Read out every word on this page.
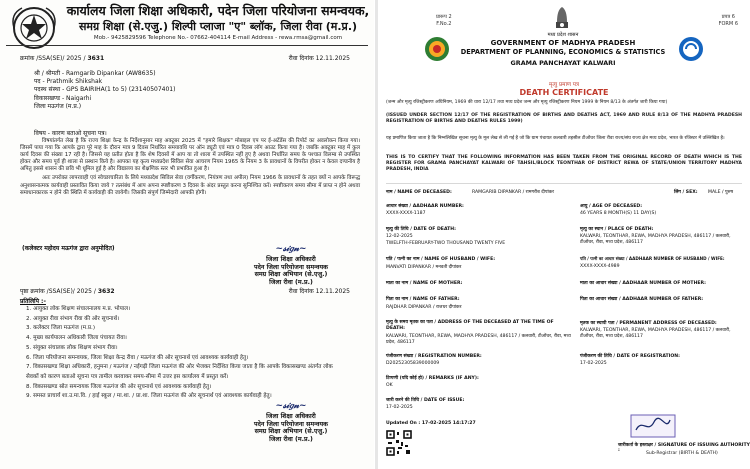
कार्यालय जिला शिक्षा अधिकारी, पदेन जिला परियोजना समन्वयक,
समग्र शिक्षा (से.एजु.) शिल्पी प्लाजा "ए" ब्लॉक, जिला रीवा (म.प्र.)
Mob.- 9425829596 Telephone No.- 07662-404114 E-mail Address - rewa.rmsa@gmail.com
क्रमांक /SSA(SE)/ 2025 / 3631	रीवा दिनांक 12.11.2025
श्री / श्रीमती - Ramgarib Dipankar (AW8635)
पद - Prathmik Shikshak
पदस्थ संस्था - GPS BAIRIHA(1 to 5) (23140507401)
विकासखण्ड - Naigarhi
जिला मऊगंज (म.प्र.)
विषय - कारण बताओ सूचना पत्र।

विषयांतर्गत लेख है कि राज्य शिक्षा केन्द्र के निर्देशानुसार माह अक्टूबर 2025 में "हमारे शिक्षक" मोबाइल एप पर ई-अटेंडेंस की रिपोर्ट का अवलोकन किया गया। जिसमें पाया गया कि आपके द्वारा पूरे माह के दौरान मात्र 9 दिवस निर्धारित समयावधि पर ऑन ड्यूटी एवं मात्र 0 दिवस लॉग आउट किया गया है। जबकि अक्टूबर माह में कुल कार्य दिवस की संख्या 17 रही है। जिससे यह प्रतीत होता है कि शेष दिवसों में आप या तो शाला में उपस्थित नहीं हुए है अथवा निर्धारित समय के पश्चात विलम्ब से उपस्थित होकर और समय पूर्व ही शाला से प्रस्थान किये है। आपका यह कृत्य मध्यप्रदेश सिविल सेवा आचरण नियम 1965 के नियम 3 के प्रावधानों के विपरीत होकर न केवल दण्डनीय है अपितु इससे शासन की छवि भी धूमिल हुई है और विद्यालय का शैक्षणिक स्तर भी प्रभावित हुआ है।

अतः उपरोक्त लापरवाही एवं स्वेच्छाचारिता के लिये मध्यप्रदेश सिविल सेवा (वर्गीकरण, नियंत्रण तथा अपील) नियम 1966 के प्रावधानों के तहत क्यों न आपके विरूद्ध अनुशासनात्मक कार्यवाही प्रस्तावित किया जाये ? तत्संबंध में आप अपना स्पष्टीकरण 3 दिवस के अंदर प्रस्तुत करना सुनिश्चित करें। स्पष्टीकरण समय सीमा में प्राप्त न होने अथवा समाधानकारक न होने की स्थिति में कार्यवाही की जायेगी। जिसकी संपूर्ण जिम्मेदारी आपकी होगी।

(कलेक्टर महोदय मऊगंज द्वारा अनुमोदित)	~𝓈𝒾𝑔𝓃~
जिला शिक्षा अधिकारी
पदेन जिला परियोजना समन्वयक
समग्र शिक्षा अभियान (से.एजु.)
जिला रीवा (म.प्र.)
पृष्ठा क्रमांक /SSA(SE)/ 2025 / 3632	रीवा दिनांक 12.11.2025
प्रतिलिपि :-
1. आयुक्त लोक शिक्षण संचालनालय म.प्र. भोपाल।
2. आयुक्त रीवा संभाग रीवा की ओर सूचनार्थ।
3. कलेक्टर जिला मऊगंज (म.प्र.)
4. मुख्य कार्यपालन अधिकारी जिला पंचायत रीवा।
5. संयुक्त संचालक लोक शिक्षण संभाग रीवा।
6. जिला परियोजना समन्वयक, जिला शिक्षा केन्द्र रीवा / मऊगंज की ओर सूचनार्थ एवं आवश्यक कार्यवाही हेतु।
7. विकासखण्ड शिक्षा अधिकारी, हनुमना / मऊगंज / नईगढ़ी जिला मऊगंज की ओर भेजकर निर्देशित किया जाता है कि आपके विकासखण्ड अंतर्गत लोक सेवकों को कारण बताओ सूचना पत्र तामील करवाकर समय-सीमा में उत्तर इस कार्यालय में प्रस्तुत करें।
8. विकासखण्ड स्रोत समन्वयक जिला मऊगंज की ओर सूचनार्थ एवं आवश्यक कार्यवाही हेतु।
9. समस्त प्राचार्य शा.उ.मा.वि. / हाई स्कूल / मा.शा. / प्रा.शा. जिला मऊगंज की ओर सूचनार्थ एवं आवश्यक कार्यवाही हेतु।
~𝓈𝒾𝑔𝓃~
जिला शिक्षा अधिकारी
पदेन जिला परियोजना समन्वयक
समग्र शिक्षा अभियान (से.एजु.)
जिला रीवा (म.प्र.)
प्रारूप 2
F.No.2
प्रपत्र 6
FORM 6
मध्य प्रदेश शासन
GOVERNMENT OF MADHYA PRADESH
DEPARTMENT OF PLANNING, ECONOMICS & STATISTICS
GRAMA PANCHAYAT KALWARI
मृत्यु प्रमाण पत्र
DEATH CERTIFICATE
(जन्म और मृत्यु रजिस्ट्रीकरण अधिनियम, 1969 की धारा 12/17 तथा मध्य प्रदेश जन्म और मृत्यु रजिस्ट्रीकरण नियम 1999 के नियम 8/13 के अंतर्गत जारी किया गया)
(ISSUED UNDER SECTION 12/17 OF THE REGISTRATION OF BIRTHS AND DEATHS ACT, 1969 AND RULE 8/13 OF THE MADHYA PRADESH REGISTRATION OF BIRTHS AND DEATHS RULES 1999)
यह प्रमाणित किया जाता है कि निम्नलिखित सूचना मृत्यु के मूल लेख से ली गई है जो कि ग्राम पंचायत कलवारी तहसील टीओंथर जिला रीवा राज्य/संघ राज्य क्षेत्र मध्य प्रदेश, भारत के रजिस्टर में उल्लिखित है।
THIS IS TO CERTIFY THAT THE FOLLOWING INFORMATION HAS BEEN TAKEN FROM THE ORIGINAL RECORD OF DEATH WHICH IS THE REGISTER FOR GRAMA PANCHAYAT KALWARI OF TAHSIL/BLOCK TEONTHAR OF DISTRICT REWA OF STATE/UNION TERRITORY MADHYA PRADESH, INDIA
नाम / NAME OF DECEASED:	RAMGARIB DIPANKAR / रामगरीब दीपांकर	लिंग / SEX: MALE / पुरुष
आधार संख्या / AADHAAR NUMBER:
XXXX-XXXX-1187
आयु / AGE OF DECEASED:
46 YEARS 8 MONTH(S) 11 DAY(S)
मृत्यु की तिथि / DATE OF DEATH:
12-02-2025
TWELFTH-FEBRUARY-TWO THOUSAND TWENTY FIVE
मृत्यु का स्थान / PLACE OF DEATH:
KALWARI, TEONTHAR, REWA, MADHYA PRADESH, 486117 / कलवारी, टीओंथर, रीवा, मध्य प्रदेश, 486117
पति / पत्नी का नाम / NAME OF HUSBAND / WIFE:
MANVATI DIPANKAR / मनवती दीपांकर
पति / पत्नी का आधार संख्या / AADHAAR NUMBER OF HUSBAND / WIFE:
XXXX-XXXX-4989
माता का नाम / NAME OF MOTHER:	माता का आधार संख्या / AADHAAR NUMBER OF MOTHER:
पिता का नाम / NAME OF FATHER:
RAJDHAR DIPANKAR / राजधर दीपांकर
पिता का आधार संख्या / AADHAAR NUMBER OF FATHER:
मृत्यु के समय मृतक का पता / ADDRESS OF THE DECEASED AT THE TIME OF DEATH:
KALWARI, TEONTHAR, REWA, MADHYA PRADESH, 486117 / कलवारी, टीओंथर, रीवा, मध्य प्रदेश, 486117
मृतक का स्थायी पता / PERMANENT ADDRESS OF DECEASED:
KALWARI, TEONTHAR, REWA, MADHYA PRADESH, 486117 / कलवारी, टीओंथर, रीवा, मध्य प्रदेश, 486117
पंजीकरण संख्या / REGISTRATION NUMBER:
D20252305839000009
पंजीकरण की तिथि / DATE OF REGISTRATION:
17-02-2025
टिप्पणी (यदि कोई हो) / REMARKS (IF ANY):
OK
जारी करने की तिथि / DATE OF ISSUE:
17-02-2025
Updated On : 17-02-2025 14:17:27
जारीकर्ता के हस्ताक्षर / SIGNATURE OF ISSUING AUTHORITY :
Sub-Registrar (BIRTH & DEATH)
